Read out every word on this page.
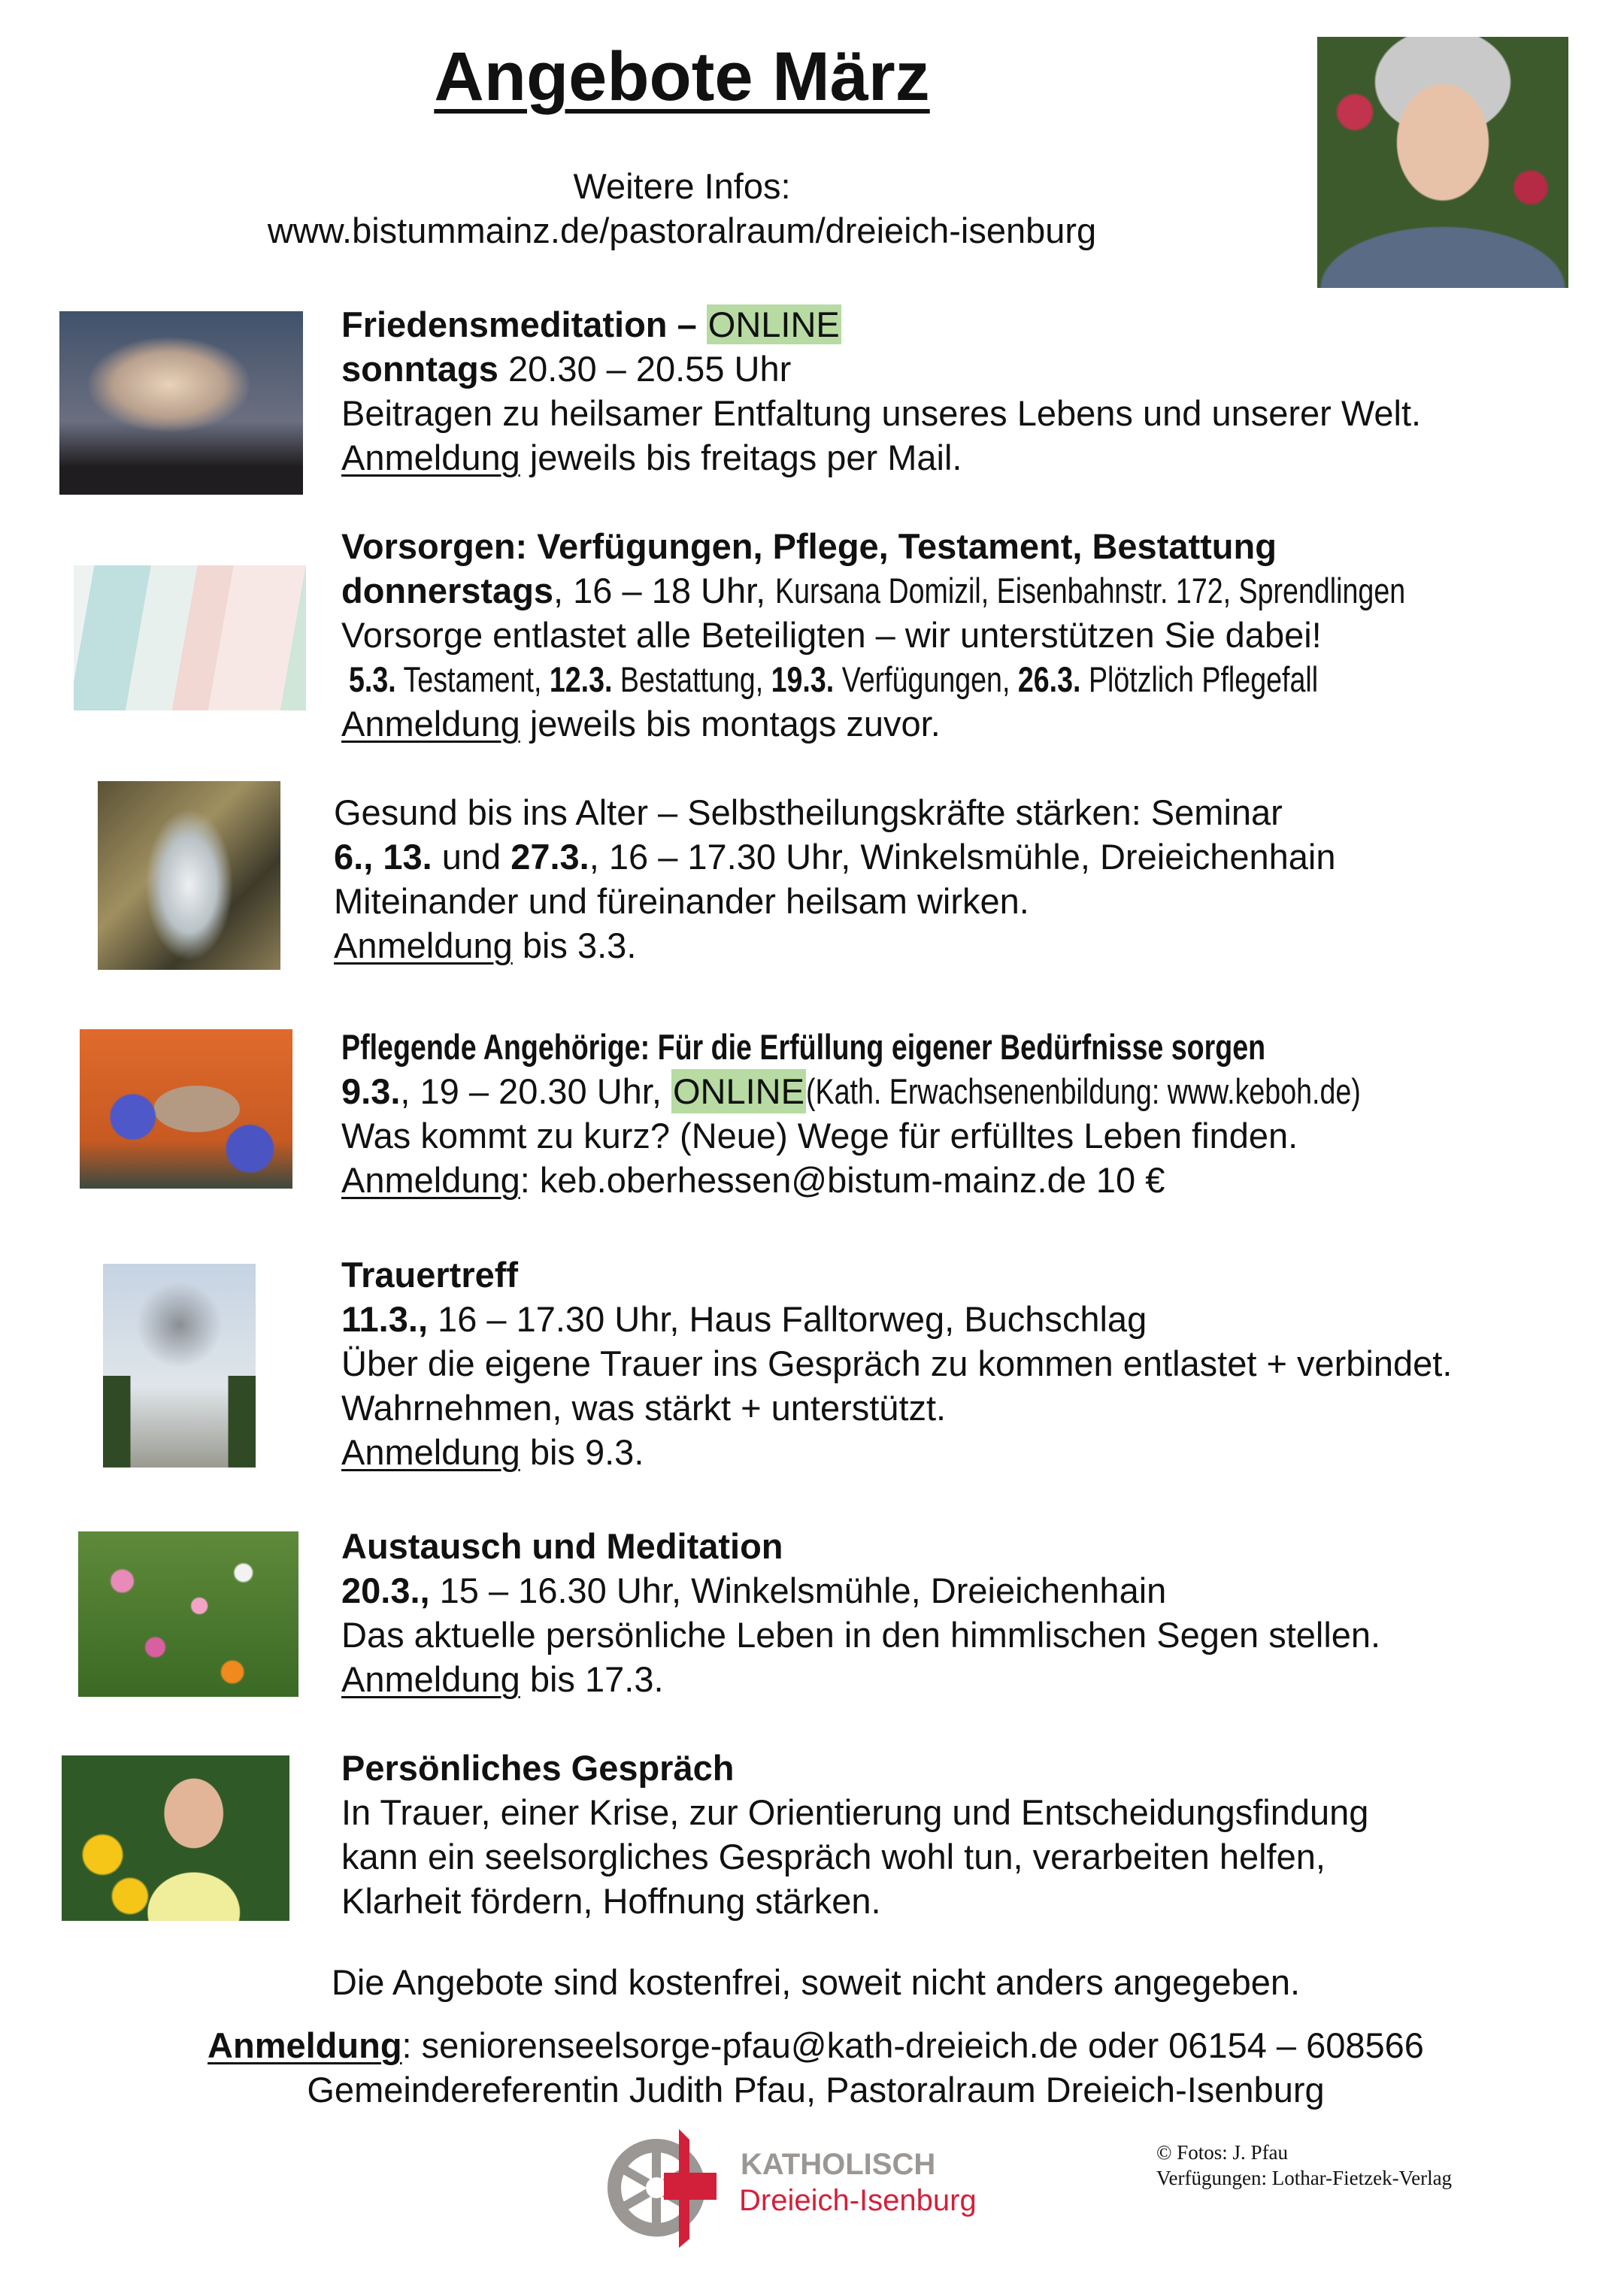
Angebote März
Weitere Infos:
www.bistummainz.de/pastoralraum/dreieich-isenburg
Friedensmeditation – ONLINE
sonntags 20.30 – 20.55 Uhr
Beitragen zu heilsamer Entfaltung unseres Lebens und unserer Welt.
Anmeldung jeweils bis freitags per Mail.
Vorsorgen: Verfügungen, Pflege, Testament, Bestattung
donnerstags, 16 – 18 Uhr, Kursana Domizil, Eisenbahnstr. 172, Sprendlingen
Vorsorge entlastet alle Beteiligten – wir unterstützen Sie dabei!
5.3. Testament, 12.3. Bestattung, 19.3. Verfügungen, 26.3. Plötzlich Pflegefall
Anmeldung jeweils bis montags zuvor.
Gesund bis ins Alter – Selbstheilungskräfte stärken: Seminar
6., 13. und 27.3., 16 – 17.30 Uhr, Winkelsmühle, Dreieichenhain
Miteinander und füreinander heilsam wirken.
Anmeldung bis 3.3.
Pflegende Angehörige: Für die Erfüllung eigener Bedürfnisse sorgen
9.3., 19 – 20.30 Uhr, ONLINE(Kath. Erwachsenenbildung: www.keboh.de)
Was kommt zu kurz? (Neue) Wege für erfülltes Leben finden.
Anmeldung: keb.oberhessen@bistum-mainz.de 10 €
Trauertreff
11.3., 16 – 17.30 Uhr, Haus Falltorweg, Buchschlag
Über die eigene Trauer ins Gespräch zu kommen entlastet + verbindet.
Wahrnehmen, was stärkt + unterstützt.
Anmeldung bis 9.3.
Austausch und Meditation
20.3., 15 – 16.30 Uhr, Winkelsmühle, Dreieichenhain
Das aktuelle persönliche Leben in den himmlischen Segen stellen.
Anmeldung bis 17.3.
Persönliches Gespräch
In Trauer, einer Krise, zur Orientierung und Entscheidungsfindung
kann ein seelsorgliches Gespräch wohl tun, verarbeiten helfen,
Klarheit fördern, Hoffnung stärken.
Die Angebote sind kostenfrei, soweit nicht anders angegeben.
Anmeldung: seniorenseelsorge-pfau@kath-dreieich.de oder 06154 – 608566
Gemeindereferentin Judith Pfau, Pastoralraum Dreieich-Isenburg
KATHOLISCH
Dreieich-Isenburg
© Fotos: J. Pfau
Verfügungen: Lothar-Fietzek-Verlag
